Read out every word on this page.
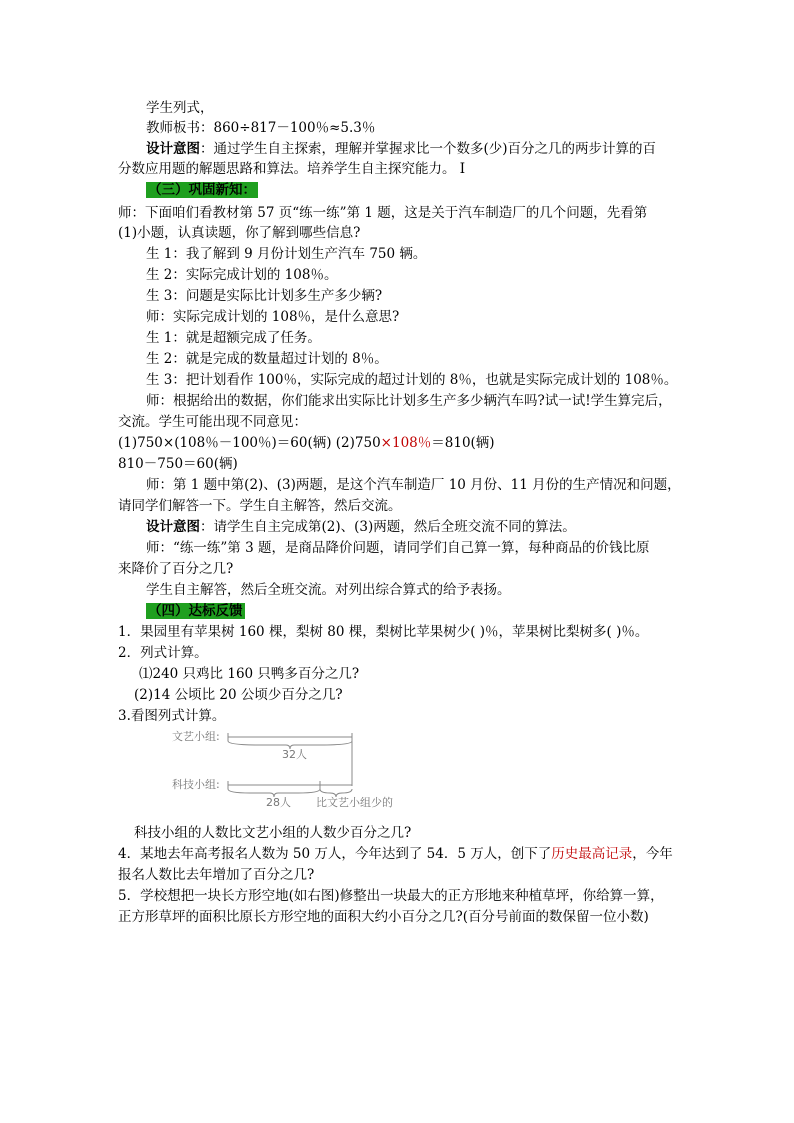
学生列式，
教师板书：860÷817－100％≈5.3％
设计意图：通过学生自主探索，理解并掌握求比一个数多(少)百分之几的两步计算的百
分数应用题的解题思路和算法。培养学生自主探究能力。 I
（三）巩固新知：
师：下面咱们看教材第 57 页“练一练”第 1 题，这是关于汽车制造厂的几个问题，先看第
(1)小题，认真读题，你了解到哪些信息?
生 1：我了解到 9 月份计划生产汽车 750 辆。
生 2：实际完成计划的 108％。
生 3：问题是实际比计划多生产多少辆?
师：实际完成计划的 108％，是什么意思?
生 1：就是超额完成了任务。
生 2：就是完成的数量超过计划的 8％。
生 3：把计划看作 100％，实际完成的超过计划的 8％，也就是实际完成计划的 108％。
师：根据给出的数据，你们能求出实际比计划多生产多少辆汽车吗?试一试!学生算完后，
交流。学生可能出现不同意见：
(1)750×(108％－100％)＝60(辆) (2)750×108％＝810(辆)
810－750＝60(辆)
师：第 1 题中第(2)、(3)两题，是这个汽车制造厂 10 月份、11 月份的生产情况和问题，
请同学们解答一下。学生自主解答，然后交流。
设计意图：请学生自主完成第(2)、(3)两题，然后全班交流不同的算法。
师：“练一练”第 3 题，是商品降价问题，请同学们自己算一算，每种商品的价钱比原
来降价了百分之几?
学生自主解答，然后全班交流。对列出综合算式的给予表扬。
（四）达标反馈
1．果园里有苹果树 160 棵，梨树 80 棵，梨树比苹果树少( )％，苹果树比梨树多( )％。
2．列式计算。
⑴240 只鸡比 160 只鸭多百分之几?
(2)14 公顷比 20 公顷少百分之几?
3.看图列式计算。
文艺小组:
32人
科技小组:
28人 比文艺小组少的
科技小组的人数比文艺小组的人数少百分之几?
4．某地去年高考报名人数为 50 万人，今年达到了 54．5 万人，创下了历史最高记录，今年
报名人数比去年增加了百分之几?
5．学校想把一块长方形空地(如右图)修整出一块最大的正方形地来种植草坪，你给算一算，
正方形草坪的面积比原长方形空地的面积大约小百分之几?(百分号前面的数保留一位小数)
